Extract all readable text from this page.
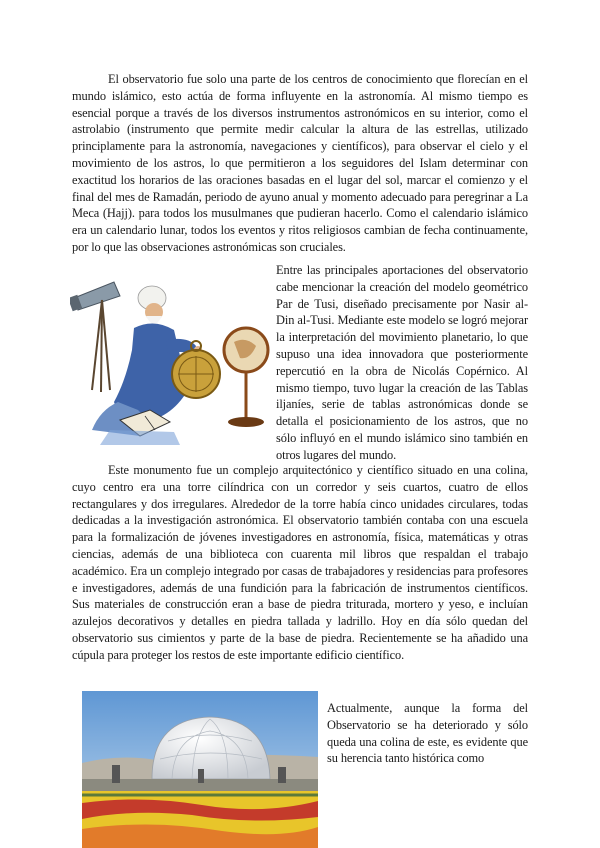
El observatorio fue solo una parte de los centros de conocimiento que florecían en el mundo islámico, esto actúa de forma influyente en la astronomía. Al mismo tiempo es esencial porque a través de los diversos instrumentos astronómicos en su interior, como el astrolabio (instrumento que permite medir calcular la altura de las estrellas, utilizado principlamente para la astronomía, navegaciones y científicos), para observar el cielo y el movimiento de los astros, lo que permitieron a los seguidores del Islam determinar con exactitud los horarios de las oraciones basadas en el lugar del sol, marcar el comienzo y el final del mes de Ramadán, periodo de ayuno anual y momento adecuado para peregrinar a La Meca (Hajj). para todos los musulmanes que pudieran hacerlo. Como el calendario islámico era un calendario lunar, todos los eventos y ritos religiosos cambian de fecha continuamente, por lo que las observaciones astronómicas son cruciales.

Entre las principales aportaciones del observatorio cabe mencionar la creación del modelo geométrico Par de Tusi, diseñado precisamente por Nasir al-Din al-Tusi. Mediante este modelo se logró mejorar la interpretación del movimiento planetario, lo que supuso una idea innovadora que posteriormente repercutió en la obra de Nicolás Copérnico. Al mismo tiempo, tuvo lugar la creación de las Tablas iljaníes, serie de tablas astronómicas donde se detalla el posicionamiento de los astros, que no sólo influyó en el mundo islámico sino también en otros lugares del mundo.

Este monumento fue un complejo arquitectónico y científico situado en una colina, cuyo centro era una torre cilíndrica con un corredor y seis cuartos, cuatro de ellos rectangulares y dos irregulares. Alrededor de la torre había cinco unidades circulares, todas dedicadas a la investigación astronómica. El observatorio también contaba con una escuela para la formalización de jóvenes investigadores en astronomía, física, matemáticas y otras ciencias, además de una biblioteca con cuarenta mil libros que respaldan el trabajo académico. Era un complejo integrado por casas de trabajadores y residencias para profesores e investigadores, además de una fundición para la fabricación de instrumentos científicos. Sus materiales de construcción eran a base de piedra triturada, mortero y yeso, e incluían azulejos decorativos y detalles en piedra tallada y ladrillo. Hoy en día sólo quedan del observatorio sus cimientos y parte de la base de piedra. Recientemente se ha añadido una cúpula para proteger los restos de este importante edificio científico.

Actualmente, aunque la forma del Observatorio se ha deteriorado y sólo queda una colina de este, es evidente que su herencia tanto histórica como
